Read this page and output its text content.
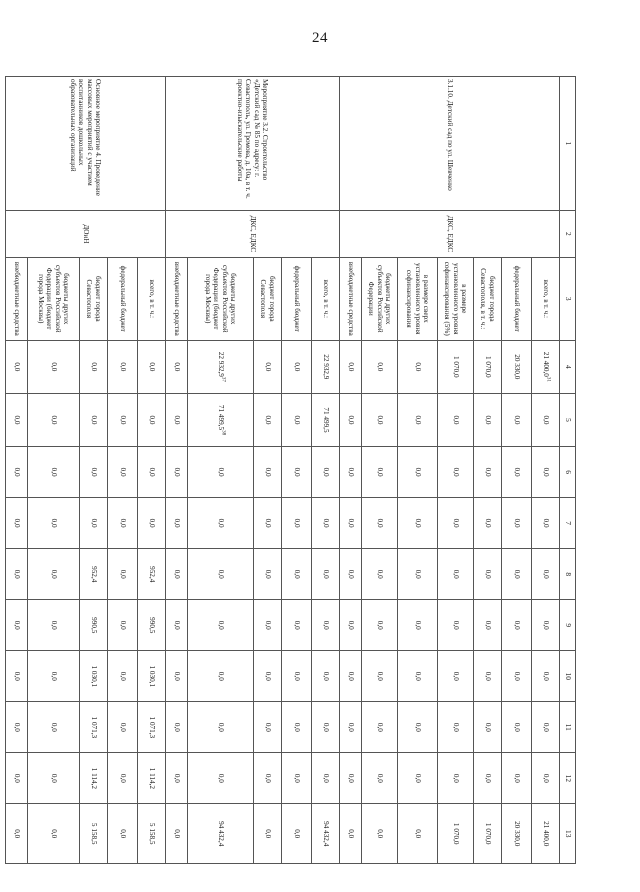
24
1	2	3	4	5	6	7	8	9	10	11	12	13
3.1.10. Детский сад по ул. Шевченко	ДКС, ЕДКС	всего, в т. ч.:	21 400,0$^{31}$	0,0	0,0	0,0	0,0	0,0	0,0	0,0	0,0	21 400,0
		федеральный бюджет	20 330,0	0,0	0,0	0,0	0,0	0,0	0,0	0,0	0,0	20 330,0
		бюджет города Севастополя, в т. ч.:	1 070,0	0,0	0,0	0,0	0,0	0,0	0,0	0,0	0,0	1 070,0
		в размере установленного уровня софинансирования (5%)	1 070,0	0,0	0,0	0,0	0,0	0,0	0,0	0,0	0,0	1 070,0
		в размере сверх установленного уровня софинансирования	0,0	0,0	0,0	0,0	0,0	0,0	0,0	0,0	0,0	0,0
		бюджеты других субъектов Российской Федерации	0,0	0,0	0,0	0,0	0,0	0,0	0,0	0,0	0,0	0,0
		внебюджетные средства	0,0	0,0	0,0	0,0	0,0	0,0	0,0	0,0	0,0	0,0
Мероприятие 3.2. Строительство «Детский сад № 85 по адресу: г. Севастополь, ул. Громова, д. 10а, в т. ч. проектно-изыскательские работы	ДКС, ЕДКС	всего, в т. ч.:	22 932,9	71 499,5	0,0	0,0	0,0	0,0	0,0	0,0	0,0	94 432,4
		федеральный бюджет	0,0	0,0	0,0	0,0	0,0	0,0	0,0	0,0	0,0	0,0
		бюджет города Севастополя	0,0	0,0	0,0	0,0	0,0	0,0	0,0	0,0	0,0	0,0
		бюджеты других субъектов Российской Федерации (бюджет города Москвы)	22 932,9$^{37}$	71 499,5$^{38}$	0,0	0,0	0,0	0,0	0,0	0,0	0,0	94 432,4
		внебюджетные средства	0,0	0,0	0,0	0,0	0,0	0,0	0,0	0,0	0,0	0,0
Основное мероприятие 4. Проведение массовых мероприятий с участием воспитанников дошкольных образовательных организаций	ДОиН	всего, в т. ч.:	0,0	0,0	0,0	0,0	952,4	990,5	1 030,1	1 071,3	1 114,2	5 158,5
		федеральный бюджет	0,0	0,0	0,0	0,0	0,0	0,0	0,0	0,0	0,0	0,0
		бюджет города Севастополя	0,0	0,0	0,0	0,0	952,4	990,5	1 030,1	1 071,3	1 114,2	5 158,5
		бюджеты других субъектов Российской Федерации (бюджет города Москвы)	0,0	0,0	0,0	0,0	0,0	0,0	0,0	0,0	0,0	0,0
		внебюджетные средства	0,0	0,0	0,0	0,0	0,0	0,0	0,0	0,0	0,0	0,0
